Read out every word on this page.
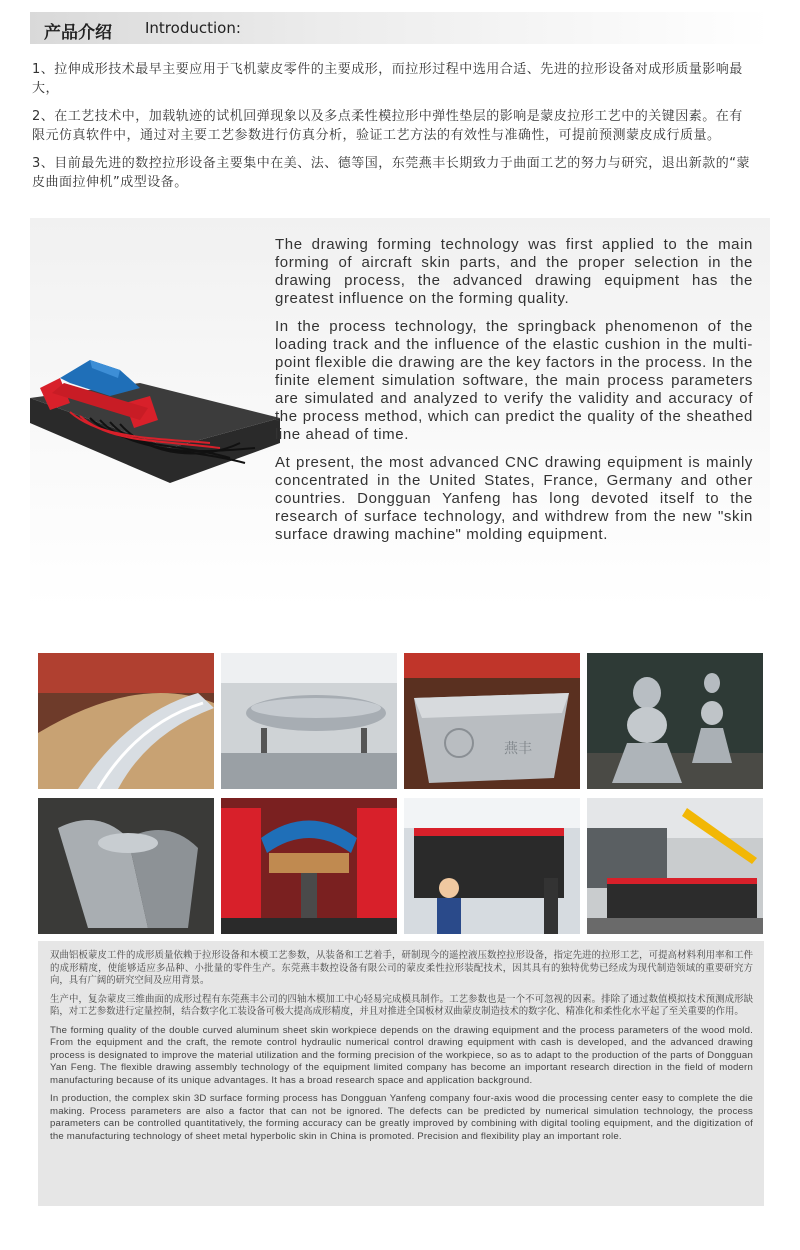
产品介绍 Introduction:

1、拉伸成形技术最早主要应用于飞机蒙皮零件的主要成形，而拉形过程中选用合适、先进的拉形设备对成形质量影响最大，

2、在工艺技术中，加载轨迹的试机回弹现象以及多点柔性模拉形中弹性垫层的影响是蒙皮拉形工艺中的关键因素。在有限元仿真软件中，通过对主要工艺参数进行仿真分析，验证工艺方法的有效性与准确性，可提前预测蒙皮成行质量。

3、目前最先进的数控拉形设备主要集中在美、法、德等国，东莞燕丰长期致力于曲面工艺的努力与研究，退出新款的“蒙皮曲面拉伸机”成型设备。

The drawing forming technology was first applied to the main forming of aircraft skin parts, and the proper selection in the drawing process, the advanced drawing equipment has the greatest influence on the forming quality.

In the process technology, the springback phenomenon of the loading track and the influence of the elastic cushion in the multi-point flexible die drawing are the key factors in the process. In the finite element simulation software, the main process parameters are simulated and analyzed to verify the validity and accuracy of the process method, which can predict the quality of the sheathed line ahead of time.

At present, the most advanced CNC drawing equipment is mainly concentrated in the United States, France, Germany and other countries. Dongguan Yanfeng has long devoted itself to the research of surface technology, and withdrew from the new "skin surface drawing machine" molding equipment.

燕丰

双曲铝板蒙皮工件的成形质量依赖于拉形设备和木模工艺参数，从装备和工艺着手，研制现今的遥控液压数控拉形设备，指定先进的拉形工艺，可提高材料利用率和工件的成形精度，使能够适应多品种、小批量的零件生产。东莞燕丰数控设备有限公司的蒙皮柔性拉形装配技术，因其具有的独特优势已经成为现代制造领域的重要研究方向，具有广阔的研究空间及应用背景。

生产中，复杂蒙皮三维曲面的成形过程有东莞燕丰公司的四轴木模加工中心轻易完成模具制作。工艺参数也是一个不可忽视的因素。排除了通过数值模拟技术预测成形缺陷，对工艺参数进行定量控制，结合数字化工装设备可极大提高成形精度，并且对推进全国板材双曲蒙皮制造技术的数字化、精准化和柔性化水平起了至关重要的作用。

The forming quality of the double curved aluminum sheet skin workpiece depends on the drawing equipment and the process parameters of the wood mold. From the equipment and the craft, the remote control hydraulic numerical control drawing equipment with cash is developed, and the advanced drawing process is designated to improve the material utilization and the forming precision of the workpiece, so as to adapt to the production of the parts of Dongguan Yan Feng. The flexible drawing assembly technology of the equipment limited company has become an important research direction in the field of modern manufacturing because of its unique advantages. It has a broad research space and application background.

In production, the complex skin 3D surface forming process has Dongguan Yanfeng company four-axis wood die processing center easy to complete the die making. Process parameters are also a factor that can not be ignored. The defects can be predicted by numerical simulation technology, the process parameters can be controlled quantitatively, the forming accuracy can be greatly improved by combining with digital tooling equipment, and the digitization of the manufacturing technology of sheet metal hyperbolic skin in China is promoted. Precision and flexibility play an important role.
